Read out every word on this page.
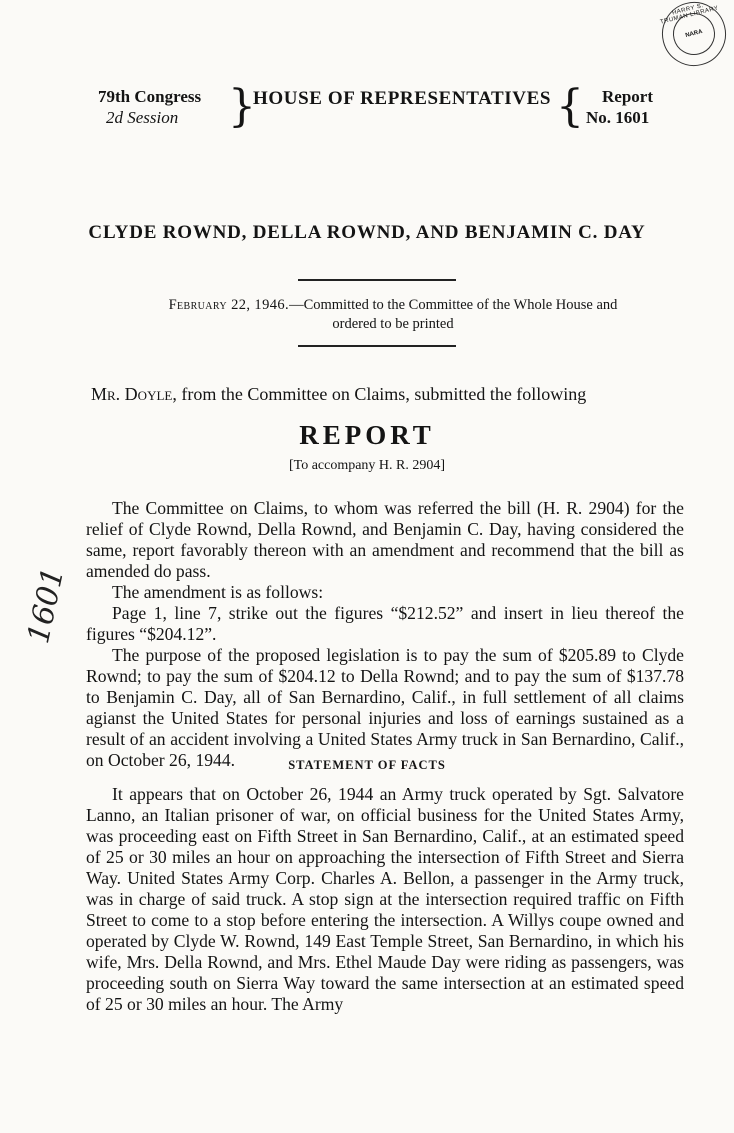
HARRY S. TRUMAN LIBRARY
NARA
1601
79th Congress
2d Session	}
HOUSE OF REPRESENTATIVES {	Report
No. 1601
CLYDE ROWND, DELLA ROWND, AND BENJAMIN C. DAY
February 22, 1946.—Committed to the Committee of the Whole House and
ordered to be printed
Mr. Doyle, from the Committee on Claims, submitted the following
REPORT
[To accompany H. R. 2904]

The Committee on Claims, to whom was referred the bill (H. R. 2904) for the relief of Clyde Rownd, Della Rownd, and Benjamin C. Day, having considered the same, report favorably thereon with an amendment and recommend that the bill as amended do pass.

The amendment is as follows:

Page 1, line 7, strike out the figures “$212.52” and insert in lieu thereof the figures “$204.12”.

The purpose of the proposed legislation is to pay the sum of $205.89 to Clyde Rownd; to pay the sum of $204.12 to Della Rownd; and to pay the sum of $137.78 to Benjamin C. Day, all of San Bernardino, Calif., in full settlement of all claims agianst the United States for personal injuries and loss of earnings sustained as a result of an accident involving a United States Army truck in San Bernardino, Calif., on October 26, 1944.	STATEMENT OF FACTS

It appears that on October 26, 1944 an Army truck operated by Sgt. Salvatore Lanno, an Italian prisoner of war, on official business for the United States Army, was proceeding east on Fifth Street in San Bernardino, Calif., at an estimated speed of 25 or 30 miles an hour on approaching the intersection of Fifth Street and Sierra Way. United States Army Corp. Charles A. Bellon, a passenger in the Army truck, was in charge of said truck. A stop sign at the intersection required traffic on Fifth Street to come to a stop before entering the intersection. A Willys coupe owned and operated by Clyde W. Rownd, 149 East Temple Street, San Bernardino, in which his wife, Mrs. Della Rownd, and Mrs. Ethel Maude Day were riding as passengers, was proceeding south on Sierra Way toward the same intersection at an estimated speed of 25 or 30 miles an hour. The Army
